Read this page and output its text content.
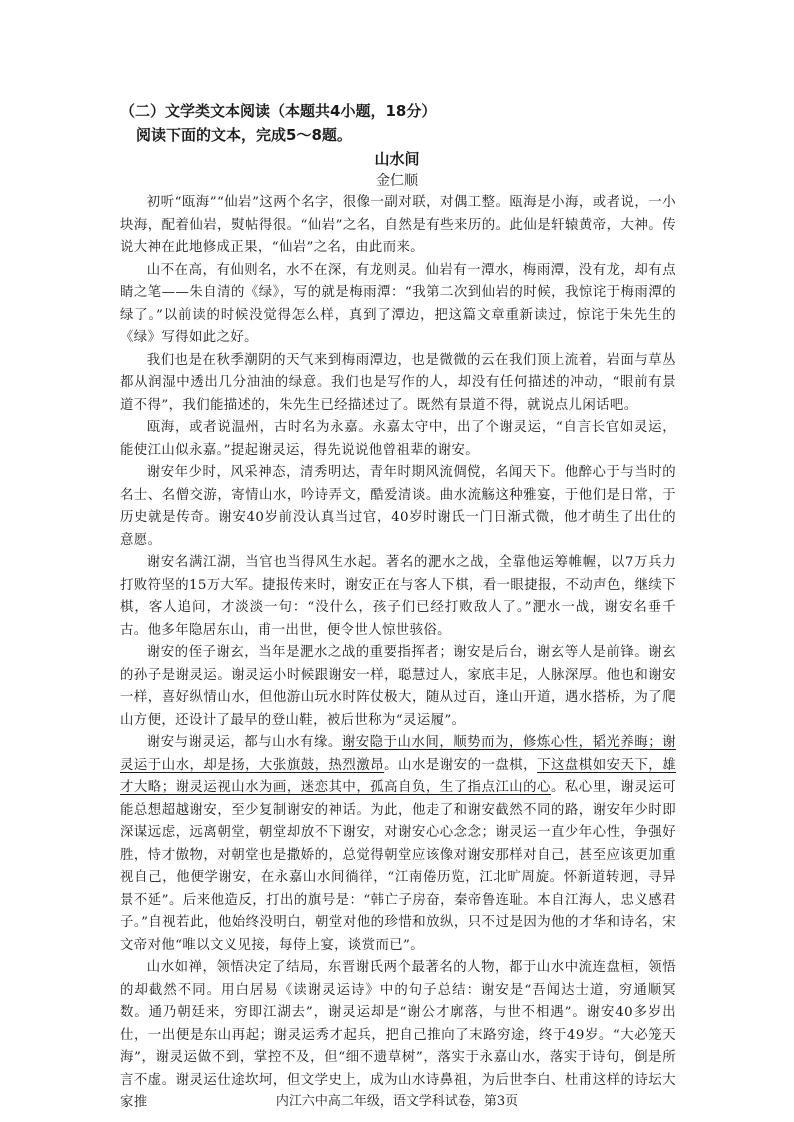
（二）文学类文本阅读（本题共4小题，18分）
阅读下面的文本，完成5～8题。
山水间
金仁顺

初听“瓯海”“仙岩”这两个名字，很像一副对联，对偶工整。瓯海是小海，或者说，一小块海，配着仙岩，熨帖得很。“仙岩”之名，自然是有些来历的。此仙是轩辕黄帝，大神。传说大神在此地修成正果，“仙岩”之名，由此而来。

山不在高，有仙则名，水不在深，有龙则灵。仙岩有一潭水，梅雨潭，没有龙，却有点睛之笔——朱自清的《绿》，写的就是梅雨潭：“我第二次到仙岩的时候，我惊诧于梅雨潭的绿了。”以前读的时候没觉得怎么样，真到了潭边，把这篇文章重新读过，惊诧于朱先生的《绿》写得如此之好。

我们也是在秋季潮阴的天气来到梅雨潭边，也是微微的云在我们顶上流着，岩面与草丛都从润湿中透出几分油油的绿意。我们也是写作的人，却没有任何描述的冲动，“眼前有景道不得”，我们能描述的，朱先生已经描述过了。既然有景道不得，就说点儿闲话吧。

瓯海，或者说温州，古时名为永嘉。永嘉太守中，出了个谢灵运，“自言长官如灵运，能使江山似永嘉。”提起谢灵运，得先说说他曾祖辈的谢安。

谢安年少时，风采神态，清秀明达，青年时期风流倜傥，名闻天下。他醉心于与当时的名士、名僧交游，寄情山水，吟诗弄文，酷爱清谈。曲水流觞这种雅宴，于他们是日常，于历史就是传奇。谢安40岁前没认真当过官，40岁时谢氏一门日渐式微，他才萌生了出仕的意愿。

谢安名满江湖，当官也当得风生水起。著名的淝水之战，全靠他运筹帷幄，以7万兵力打败符坚的15万大军。捷报传来时，谢安正在与客人下棋，看一眼捷报，不动声色，继续下棋，客人追问，才淡淡一句：“没什么，孩子们已经打败敌人了。”淝水一战，谢安名垂千古。他多年隐居东山，甫一出世，便令世人惊世骇俗。

谢安的侄子谢玄，当年是淝水之战的重要指挥者；谢安是后台，谢玄等人是前锋。谢玄的孙子是谢灵运。谢灵运小时候跟谢安一样，聪慧过人，家底丰足，人脉深厚。他也和谢安一样，喜好纵情山水，但他游山玩水时阵仗极大，随从过百，逢山开道，遇水搭桥，为了爬山方便，还设计了最早的登山鞋，被后世称为“灵运履”。

谢安与谢灵运，都与山水有缘。谢安隐于山水间，顺势而为，修炼心性，韬光养晦；谢灵运于山水，却是扬，大张旗鼓，热烈激昂。山水是谢安的一盘棋，下这盘棋如安天下，雄才大略；谢灵运视山水为画，迷恋其中，孤高自负，生了指点江山的心。私心里，谢灵运可能总想超越谢安，至少复制谢安的神话。为此，他走了和谢安截然不同的路，谢安年少时即深谋远虑，远离朝堂，朝堂却放不下谢安，对谢安心心念念；谢灵运一直少年心性，争强好胜，恃才傲物，对朝堂也是撒娇的，总觉得朝堂应该像对谢安那样对自己，甚至应该更加重视自己，他便学谢安，在永嘉山水间徜徉，“江南倦历览，江北旷周旋。怀新道转迥，寻异景不延”。后来他造反，打出的旗号是：“韩亡子房奋，秦帝鲁连耻。本自江海人，忠义感君子。”自视若此，他始终没明白，朝堂对他的珍惜和放纵，只不过是因为他的才华和诗名，宋文帝对他“唯以文义见接，每侍上宴，谈赏而已”。

山水如禅，领悟决定了结局，东晋谢氏两个最著名的人物，都于山水中流连盘桓，领悟的却截然不同。用白居易《读谢灵运诗》中的句子总结：谢安是“吾闻达士道，穷通顺冥数。通乃朝廷来，穷即江湖去”，谢灵运却是“谢公才廓落，与世不相遇”。谢安40多岁出仕，一出便是东山再起；谢灵运秀才起兵，把自己推向了末路穷途，终于49岁。“大必笼天海”，谢灵运做不到，掌控不及，但“细不遗草树”，落实于永嘉山水，落实于诗句，倒是所言不虚。谢灵运仕途坎坷，但文学史上，成为山水诗鼻祖，为后世李白、杜甫这样的诗坛大家推	内江六中高二年级，语文学科试卷，第3页
